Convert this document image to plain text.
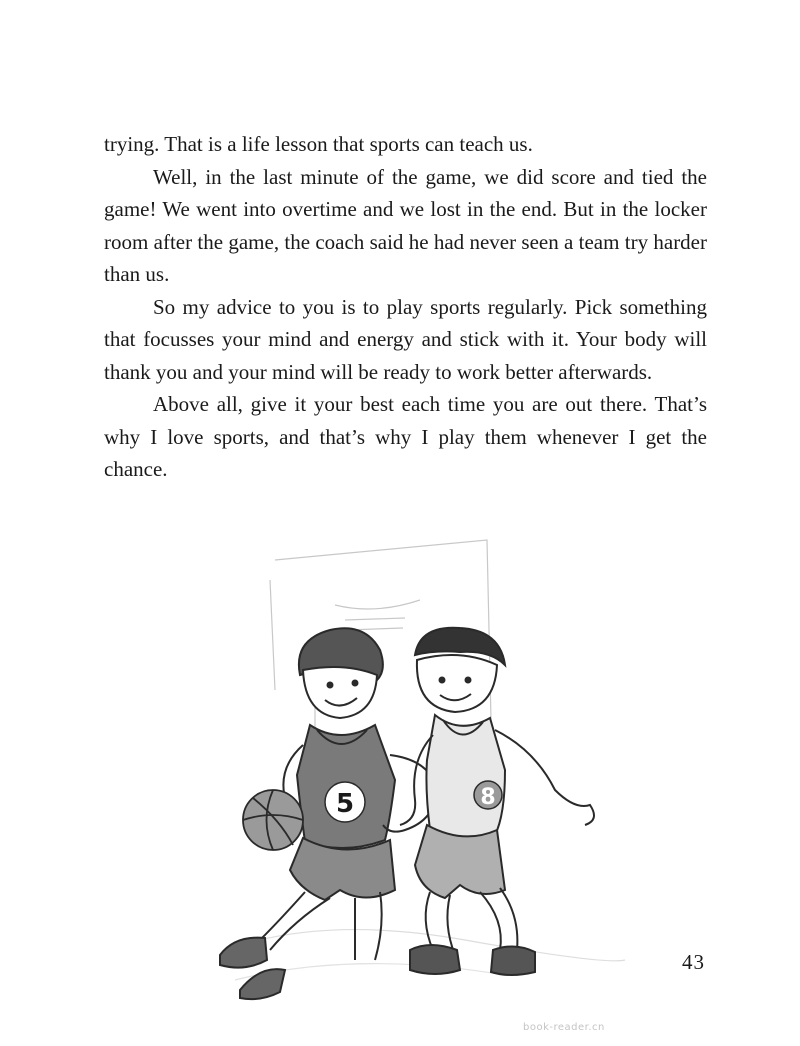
trying. That is a life lesson that sports can teach us.

Well, in the last minute of the game, we did score and tied the game! We went into overtime and we lost in the end. But in the locker room after the game, the coach said he had never seen a team try harder than us.

So my advice to you is to play sports regularly. Pick something that focusses your mind and energy and stick with it. Your body will thank you and your mind will be ready to work better afterwards.

Above all, give it your best each time you are out there. That’s why I love sports, and that’s why I play them whenever I get the chance.

5	8
43
book-reader.cn
